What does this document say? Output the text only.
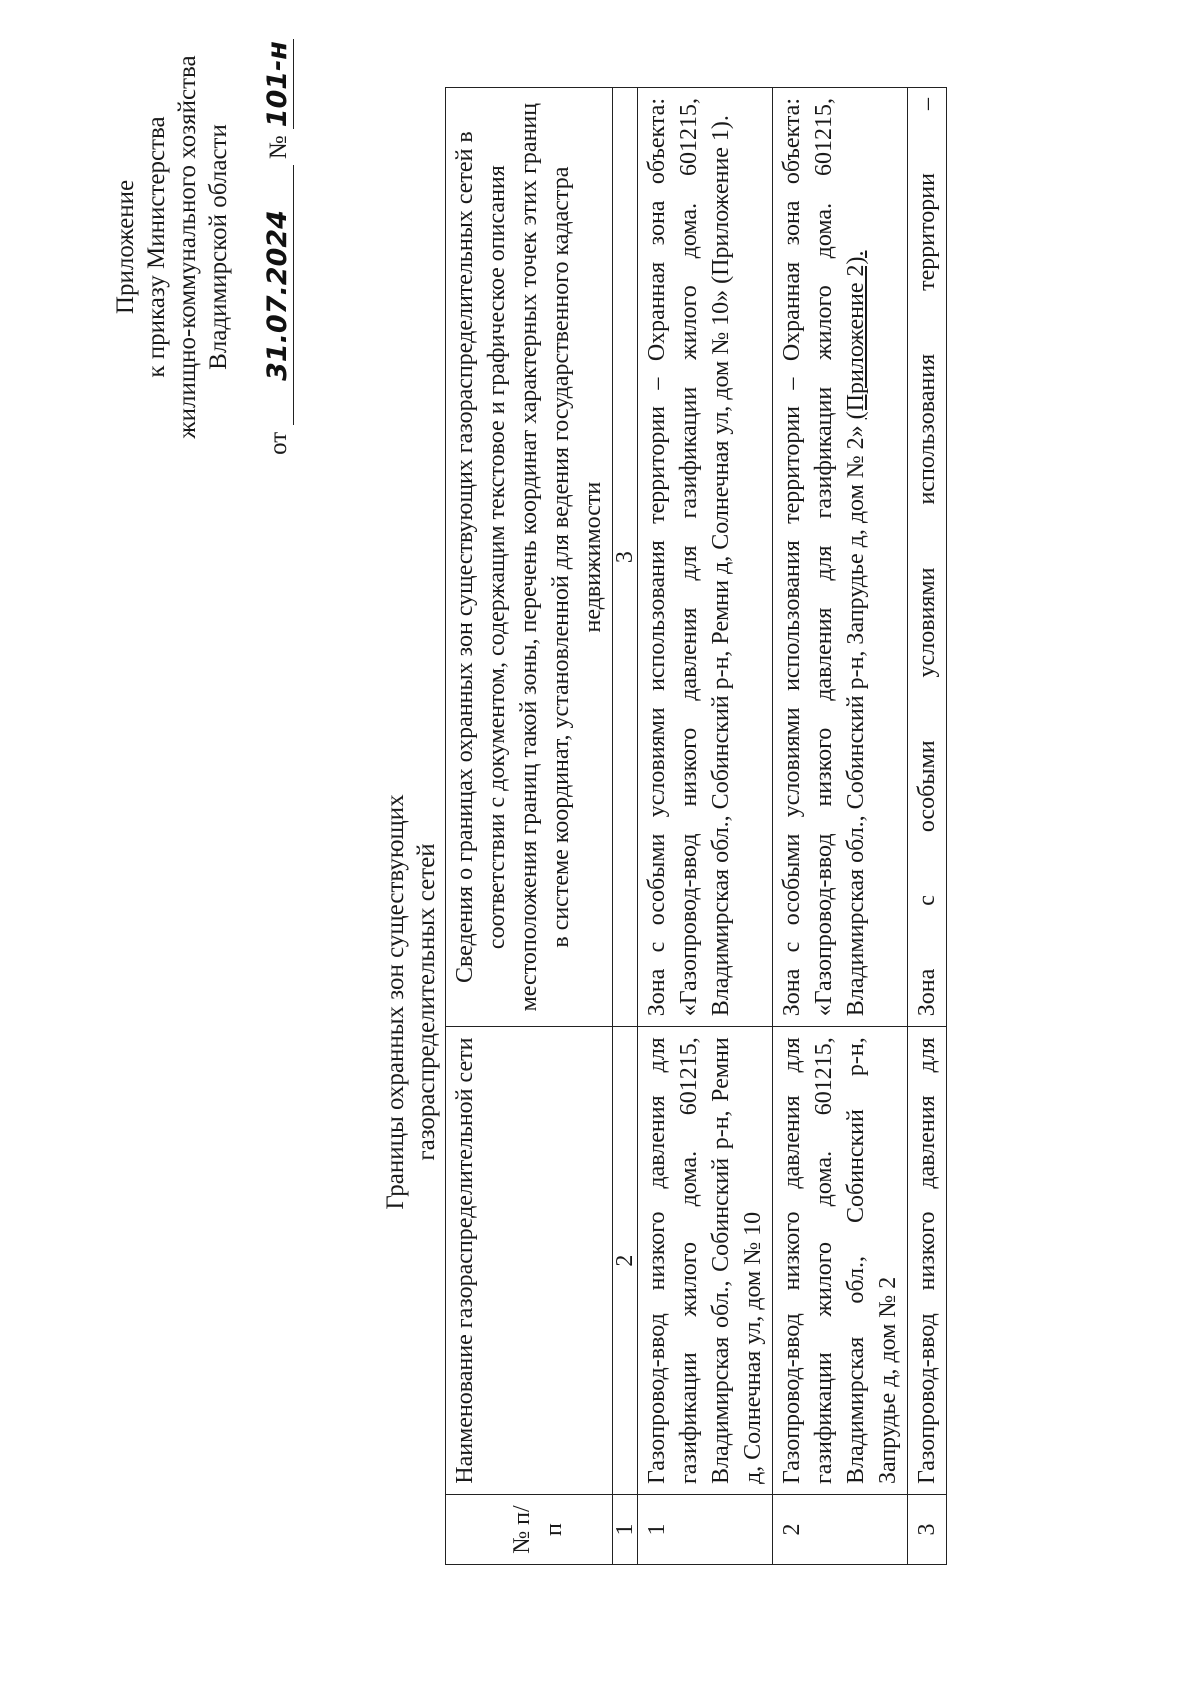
Приложение к приказу Министерства жилищно-коммунального хозяйства Владимирской области
от 31.07.2024 № 101-н
Границы охранных зон существующих газораспределительных сетей
№ п/п	Наименование газораспределительной сети	Сведения о границах охранных зон существующих газораспределительных сетей в соответствии с документом, содержащим текстовое и графическое описания местоположения границ такой зоны, перечень координат характерных точек этих границ в системе координат, установленной для ведения государственного кадастра недвижимости
1	2	3
1	Газопровод-ввод низкого давления для газификации жилого дома. 601215, Владимирская обл., Собинский р-н, Ремни д, Солнечная ул, дом № 10	Зона с особыми условиями использования территории – Охранная зона объекта: «Газопровод-ввод низкого давления для газификации жилого дома. 601215, Владимирская обл., Собинский р-н, Ремни д, Солнечная ул, дом № 10» (Приложение 1).
2	Газопровод-ввод низкого давления для газификации жилого дома. 601215, Владимирская обл., Собинский р-н, Запрудье д, дом № 2	Зона с особыми условиями использования территории – Охранная зона объекта: «Газопровод-ввод низкого давления для газификации жилого дома. 601215, Владимирская обл., Собинский р-н, Запрудье д, дом № 2» (Приложение 2).
3	Газопровод-ввод низкого давления для	Зона с особыми условиями использования территории –
